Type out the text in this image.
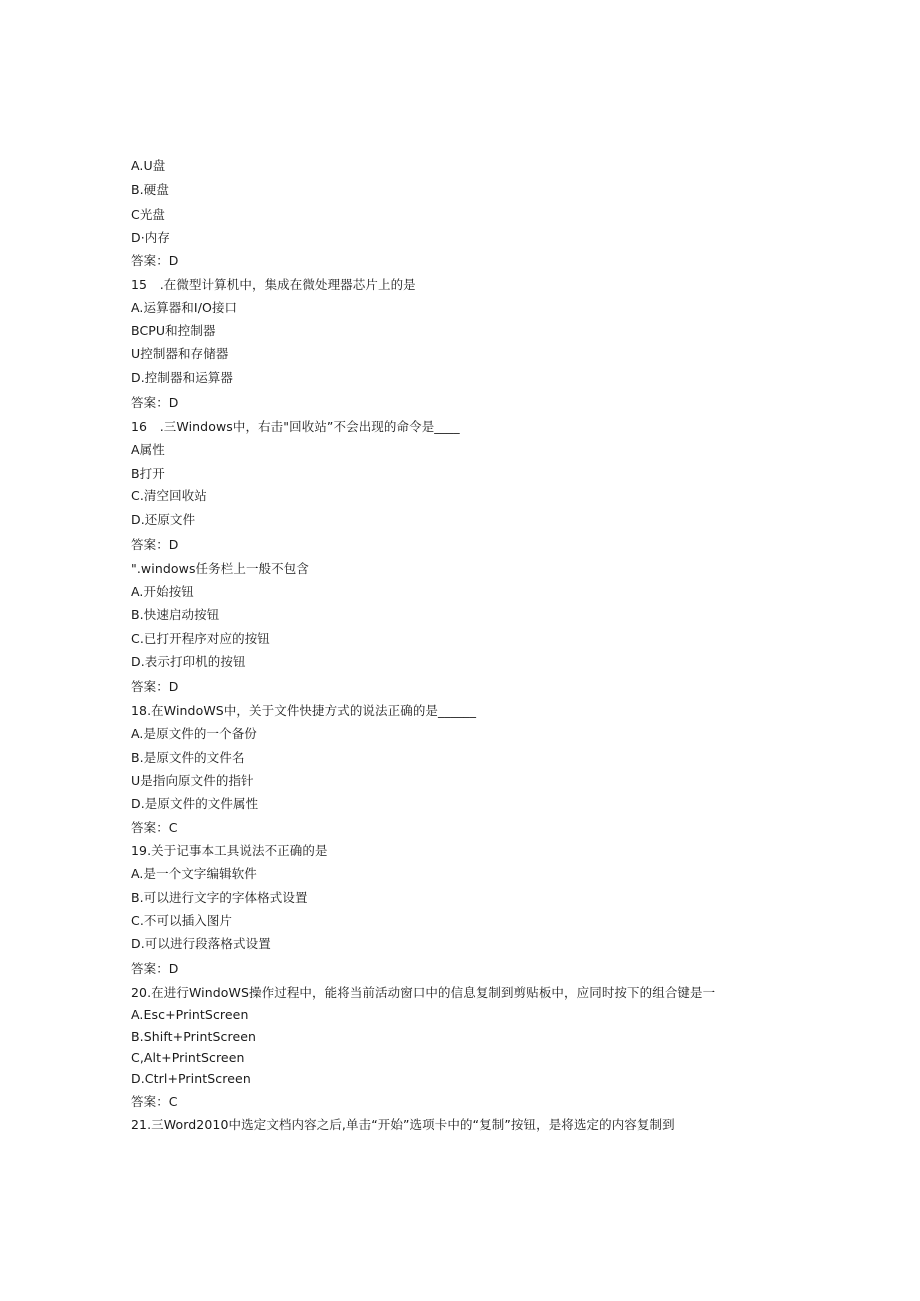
A.U盘
B.硬盘
C光盘
D·内存
答案：D
15　.在微型计算机中，集成在微处理器芯片上的是
A.运算器和I/O接口
BCPU和控制器
U控制器和存储器
D.控制器和运算器
答案：D
16　.三Windows中，右击"回收站”不会出现的命令是____
A属性
B打开
C.清空回收站
D.还原文件
答案：D
".windows任务栏上一般不包含
A.开始按钮
B.快速启动按钮
C.已打开程序对应的按钮
D.表示打印机的按钮
答案：D
18.在WindoWS中，关于文件快捷方式的说法正确的是______
A.是原文件的一个备份
B.是原文件的文件名
U是指向原文件的指针
D.是原文件的文件属性
答案：C
19.关于记事本工具说法不正确的是
A.是一个文字编辑软件
B.可以进行文字的字体格式设置
C.不可以插入图片
D.可以进行段落格式设置
答案：D
20.在进行WindoWS操作过程中，能将当前活动窗口中的信息复制到剪贴板中，应同时按下的组合键是一
A.Esc+PrintScreen
B.Shift+PrintScreen
C,Alt+PrintScreen
D.Ctrl+PrintScreen
答案：C
21.三Word2010中选定文档内容之后,单击“开始”选项卡中的“复制”按钮，是将选定的内容复制到
